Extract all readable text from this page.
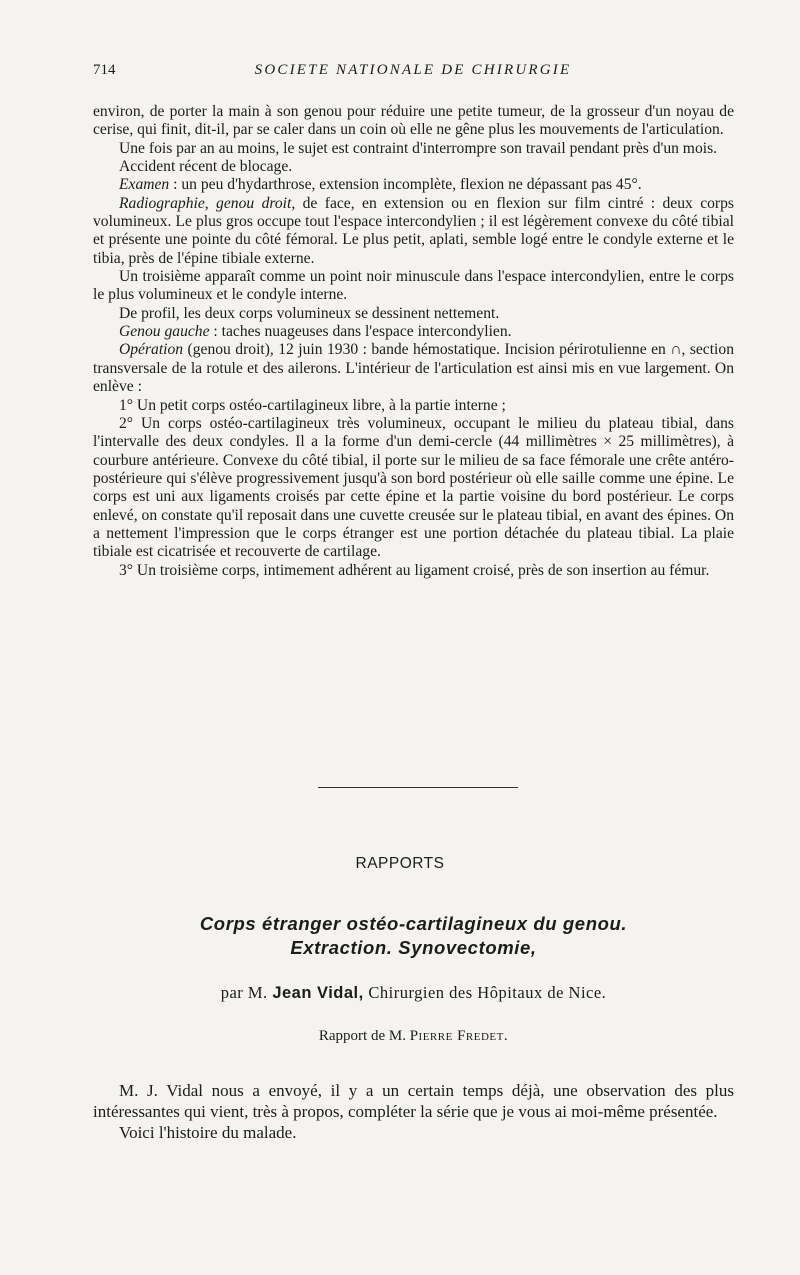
714	SOCIETE NATIONALE DE CHIRURGIE

environ, de porter la main à son genou pour réduire une petite tumeur, de la grosseur d'un noyau de cerise, qui finit, dit-il, par se caler dans un coin où elle ne gêne plus les mouvements de l'articulation.

Une fois par an au moins, le sujet est contraint d'interrompre son travail pendant près d'un mois.

Accident récent de blocage.

Examen : un peu d'hydarthrose, extension incomplète, flexion ne dépassant pas 45°.

Radiographie, genou droit, de face, en extension ou en flexion sur film cintré : deux corps volumineux. Le plus gros occupe tout l'espace intercondylien ; il est légèrement convexe du côté tibial et présente une pointe du côté fémoral. Le plus petit, aplati, semble logé entre le condyle externe et le tibia, près de l'épine tibiale externe.

Un troisième apparaît comme un point noir minuscule dans l'espace intercondylien, entre le corps le plus volumineux et le condyle interne.

De profil, les deux corps volumineux se dessinent nettement.

Genou gauche : taches nuageuses dans l'espace intercondylien.

Opération (genou droit), 12 juin 1930 : bande hémostatique. Incision périrotulienne en ∩, section transversale de la rotule et des ailerons. L'intérieur de l'articulation est ainsi mis en vue largement. On enlève :

1° Un petit corps ostéo-cartilagineux libre, à la partie interne ;

2° Un corps ostéo-cartilagineux très volumineux, occupant le milieu du plateau tibial, dans l'intervalle des deux condyles. Il a la forme d'un demi-cercle (44 millimètres × 25 millimètres), à courbure antérieure. Convexe du côté tibial, il porte sur le milieu de sa face fémorale une crête antéro-postérieure qui s'élève progressivement jusqu'à son bord postérieur où elle saille comme une épine. Le corps est uni aux ligaments croisés par cette épine et la partie voisine du bord postérieur. Le corps enlevé, on constate qu'il reposait dans une cuvette creusée sur le plateau tibial, en avant des épines. On a nettement l'impression que le corps étranger est une portion détachée du plateau tibial. La plaie tibiale est cicatrisée et recouverte de cartilage.

3° Un troisième corps, intimement adhérent au ligament croisé, près de son insertion au fémur.

RAPPORTS
Corps étranger ostéo-cartilagineux du genou.
Extraction. Synovectomie,
par M. Jean Vidal, Chirurgien des Hôpitaux de Nice.
Rapport de M. Pierre Fredet.

M. J. Vidal nous a envoyé, il y a un certain temps déjà, une observation des plus intéressantes qui vient, très à propos, compléter la série que je vous ai moi-même présentée.

Voici l'histoire du malade.
